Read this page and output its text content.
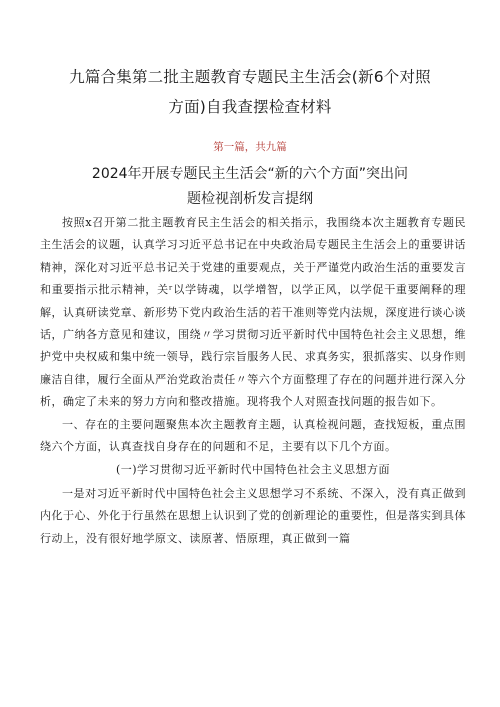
九篇合集第二批主题教育专题民主生活会(新6个对照
方面)自我查摆检查材料

第一篇，共九篇

2024年开展专题民主生活会“新的六个方面”突出问
题检视剖析发言提纲

按照x召开第二批主题教育民主生活会的相关指示，我围绕本次主题教育专题民主生活会的议题，认真学习习近平总书记在中央政治局专题民主生活会上的重要讲话精神，深化对习近平总书记关于党建的重要观点，关于严谨党内政治生活的重要发言和重要指示批示精神，关ʳ以学铸魂，以学增智，以学正风，以学促干重要阐释的理解，认真研读党章、新形势下党内政治生活的若干准则等党内法规，深度进行谈心谈话，广纳各方意见和建议，围绕〃学习贯彻习近平新时代中国特色社会主义思想，维护党中央权威和集中统一领导，践行宗旨服务人民、求真务实，狠抓落实、以身作则廉洁自律，履行全面从严治党政治责任〃等六个方面整理了存在的问题并进行深入分析，确定了未来的努力方向和整改措施。现将我个人对照查找问题的报告如下。

一、存在的主要问题聚焦本次主题教育主题，认真检视问题，查找短板，重点围绕六个方面，认真查找自身存在的问题和不足，主要有以下几个方面。

(一)学习贯彻习近平新时代中国特色社会主义思想方面

一是对习近平新时代中国特色社会主义思想学习不系统、不深入，没有真正做到内化于心、外化于行虽然在思想上认识到了党的创新理论的重要性，但是落实到具体行动上，没有很好地学原文、读原著、悟原理，真正做到一篇
